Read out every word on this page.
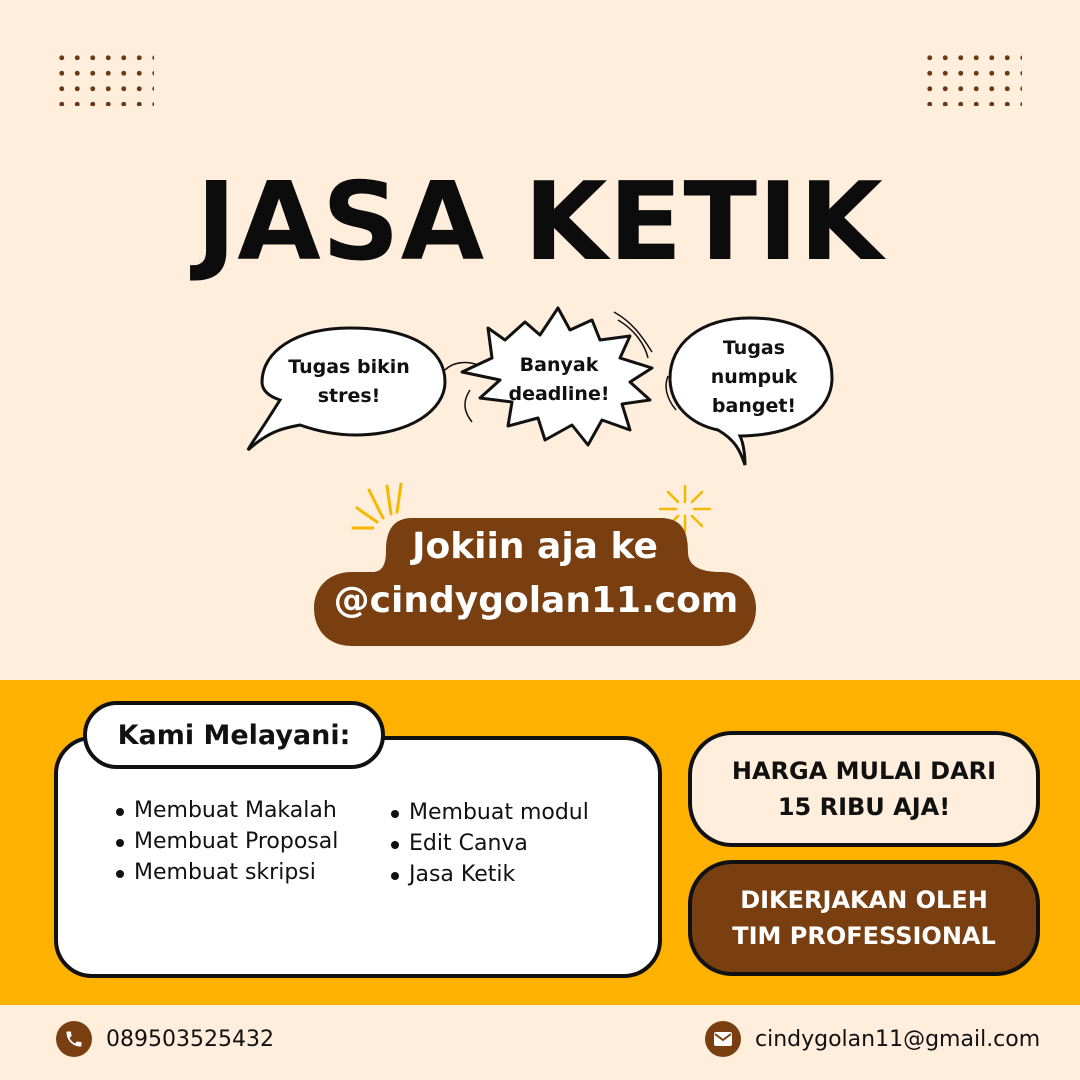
JASA KETIK
Tugas bikin
stres!
Banyak
deadline!
Tugas
numpuk
banget!
Jokiin aja ke
@cindygolan11.com
Kami Melayani:
Membuat Makalah
Membuat Proposal
Membuat skripsi
Membuat modul
Edit Canva
Jasa Ketik
HARGA MULAI DARI
15 RIBU AJA!
DIKERJAKAN OLEH
TIM PROFESSIONAL
089503525432	cindygolan11@gmail.com
